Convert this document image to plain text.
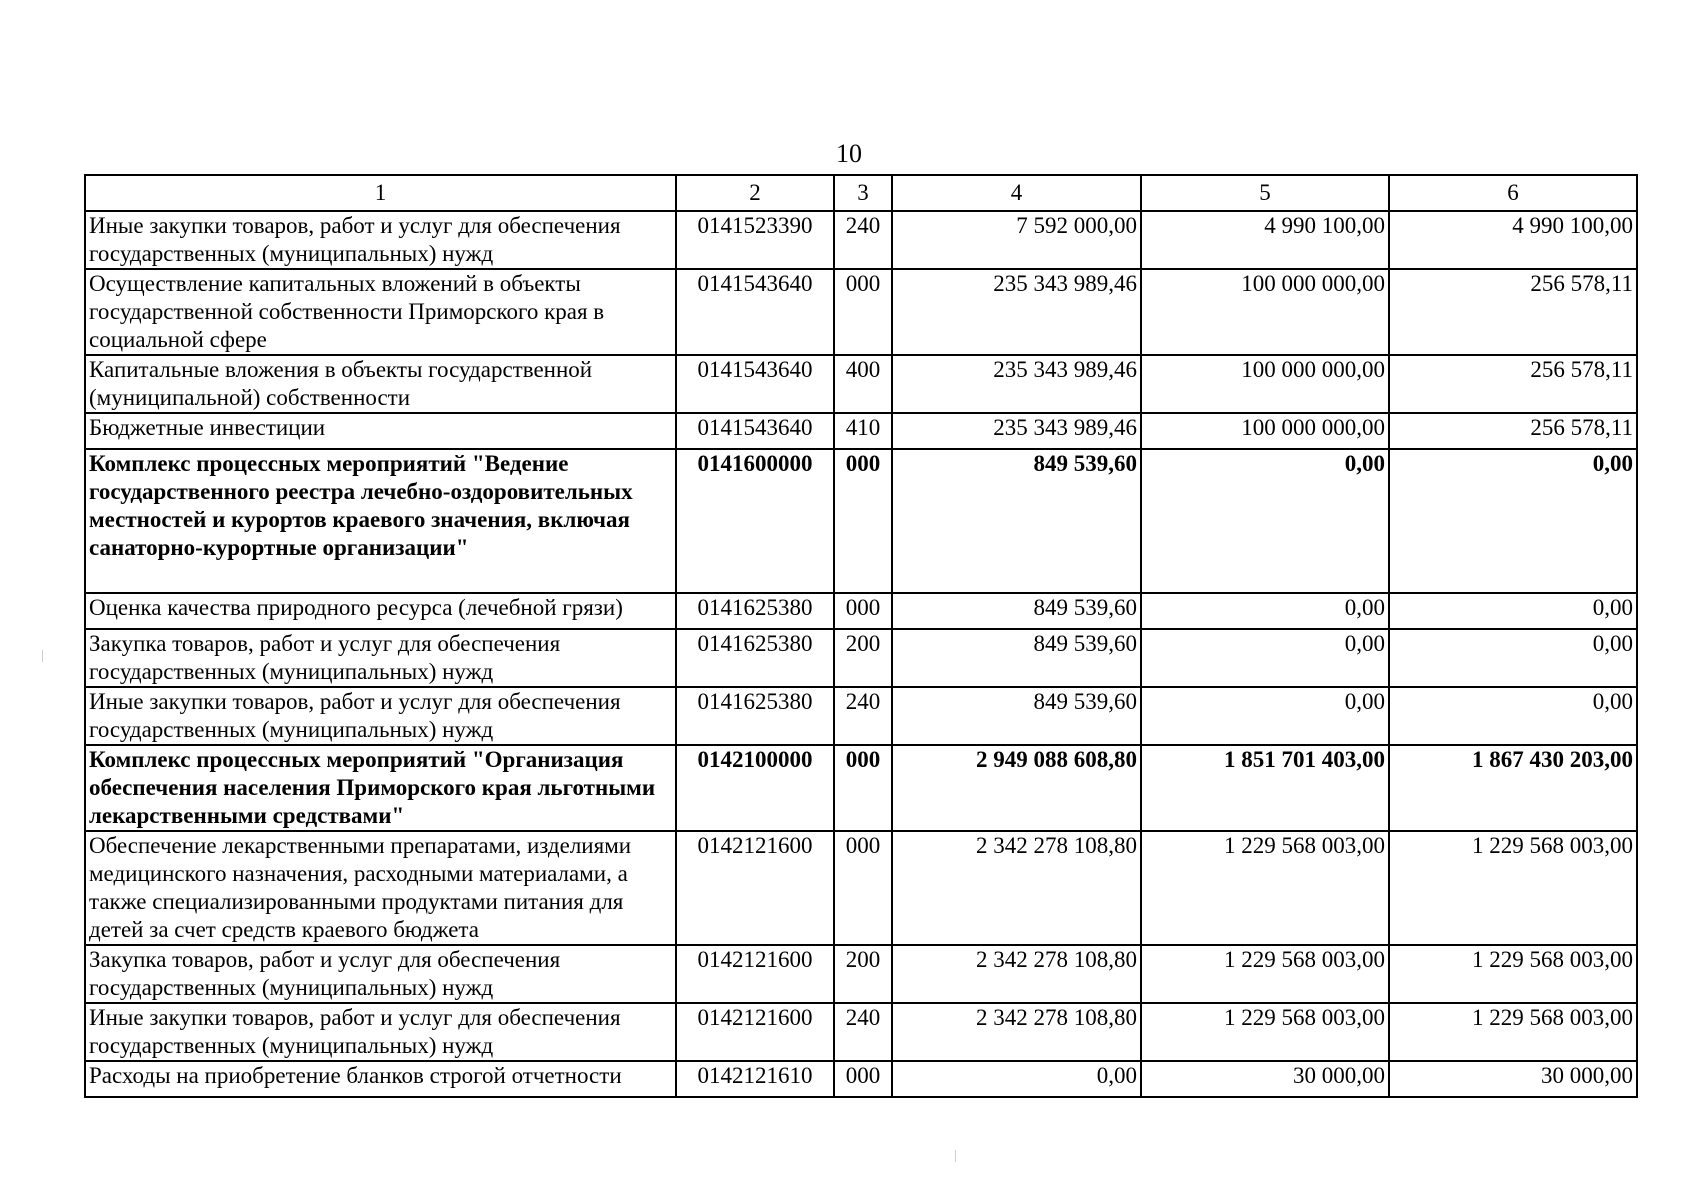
10
1	2	3	4	5	6
Иные закупки товаров, работ и услуг для обеспечения государственных (муниципальных) нужд	0141523390	240	7 592 000,00	4 990 100,00	4 990 100,00
Осуществление капитальных вложений в объекты государственной собственности Приморского края в социальной сфере	0141543640	000	235 343 989,46	100 000 000,00	256 578,11
Капитальные вложения в объекты государственной (муниципальной) собственности	0141543640	400	235 343 989,46	100 000 000,00	256 578,11
Бюджетные инвестиции	0141543640	410	235 343 989,46	100 000 000,00	256 578,11
Комплекс процессных мероприятий "Ведение государственного реестра лечебно-оздоровительных местностей и курортов краевого значения, включая санаторно-курортные организации"	0141600000	000	849 539,60	0,00	0,00
Оценка качества природного ресурса (лечебной грязи)	0141625380	000	849 539,60	0,00	0,00
Закупка товаров, работ и услуг для обеспечения государственных (муниципальных) нужд	0141625380	200	849 539,60	0,00	0,00
Иные закупки товаров, работ и услуг для обеспечения государственных (муниципальных) нужд	0141625380	240	849 539,60	0,00	0,00
Комплекс процессных мероприятий "Организация обеспечения населения Приморского края льготными лекарственными средствами"	0142100000	000	2 949 088 608,80	1 851 701 403,00	1 867 430 203,00
Обеспечение лекарственными препаратами, изделиями медицинского назначения, расходными материалами, а также специализированными продуктами питания для детей за счет средств краевого бюджета	0142121600	000	2 342 278 108,80	1 229 568 003,00	1 229 568 003,00
Закупка товаров, работ и услуг для обеспечения государственных (муниципальных) нужд	0142121600	200	2 342 278 108,80	1 229 568 003,00	1 229 568 003,00
Иные закупки товаров, работ и услуг для обеспечения государственных (муниципальных) нужд	0142121600	240	2 342 278 108,80	1 229 568 003,00	1 229 568 003,00
Расходы на приобретение бланков строгой отчетности	0142121610	000	0,00	30 000,00	30 000,00
